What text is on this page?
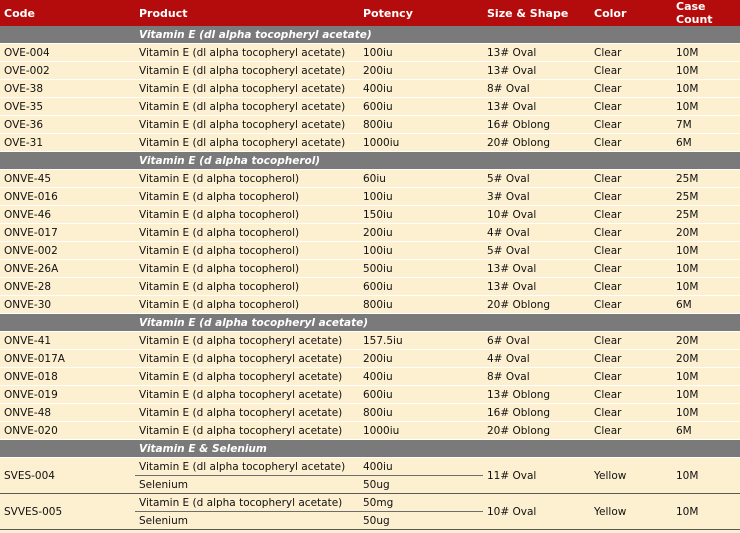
Code	Product	Potency	Size & Shape	Color	Case Count
	Vitamin E (dl alpha tocopheryl acetate)				
OVE-004	Vitamin E (dl alpha tocopheryl acetate)	100iu	13# Oval	Clear	10M
OVE-002	Vitamin E (dl alpha tocopheryl acetate)	200iu	13# Oval	Clear	10M
OVE-38	Vitamin E (dl alpha tocopheryl acetate)	400iu	8# Oval	Clear	10M
OVE-35	Vitamin E (dl alpha tocopheryl acetate)	600iu	13# Oval	Clear	10M
OVE-36	Vitamin E (dl alpha tocopheryl acetate)	800iu	16# Oblong	Clear	7M
OVE-31	Vitamin E (dl alpha tocopheryl acetate)	1000iu	20# Oblong	Clear	6M
	Vitamin E (d alpha tocopherol)				
ONVE-45	Vitamin E (d alpha tocopherol)	60iu	5# Oval	Clear	25M
ONVE-016	Vitamin E (d alpha tocopherol)	100iu	3# Oval	Clear	25M
ONVE-46	Vitamin E (d alpha tocopherol)	150iu	10# Oval	Clear	25M
ONVE-017	Vitamin E (d alpha tocopherol)	200iu	4# Oval	Clear	20M
ONVE-002	Vitamin E (d alpha tocopherol)	100iu	5# Oval	Clear	10M
ONVE-26A	Vitamin E (d alpha tocopherol)	500iu	13# Oval	Clear	10M
ONVE-28	Vitamin E (d alpha tocopherol)	600iu	13# Oval	Clear	10M
ONVE-30	Vitamin E (d alpha tocopherol)	800iu	20# Oblong	Clear	6M
	Vitamin E (d alpha tocopheryl acetate)				
ONVE-41	Vitamin E (d alpha tocopheryl acetate)	157.5iu	6# Oval	Clear	20M
ONVE-017A	Vitamin E (d alpha tocopheryl acetate)	200iu	4# Oval	Clear	20M
ONVE-018	Vitamin E (d alpha tocopheryl acetate)	400iu	8# Oval	Clear	10M
ONVE-019	Vitamin E (d alpha tocopheryl acetate)	600iu	13# Oblong	Clear	10M
ONVE-48	Vitamin E (d alpha tocopheryl acetate)	800iu	16# Oblong	Clear	10M
ONVE-020	Vitamin E (d alpha tocopheryl acetate)	1000iu	20# Oblong	Clear	6M
	Vitamin E & Selenium				
SVES-004	Vitamin E (dl alpha tocopheryl acetate)	400iu	11# Oval	Yellow	10M
	Selenium	50ug			
SVVES-005	Vitamin E (d alpha tocopheryl acetate)	50mg	10# Oval	Yellow	10M
	Selenium	50ug			
